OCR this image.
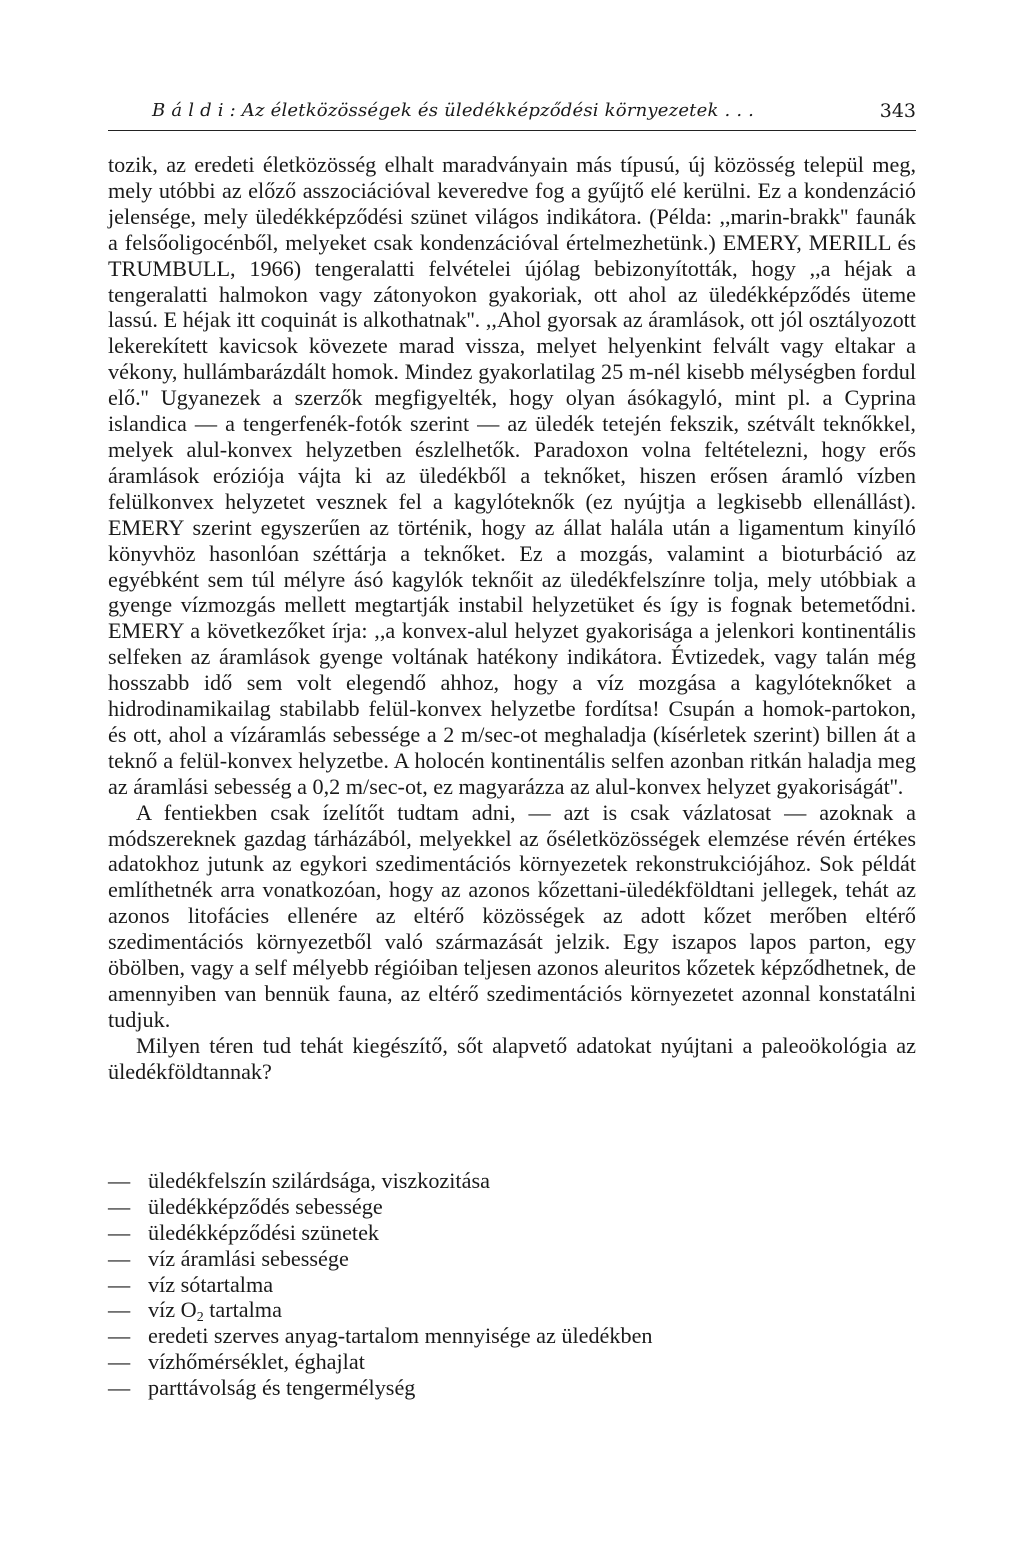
B á l d i : Az életközösségek és üledékképződési környezetek . . .	343

tozik, az eredeti életközösség elhalt maradványain más típusú, új közösség települ meg, mely utóbbi az előző asszociációval keveredve fog a gyűjtő elé kerülni. Ez a kondenzáció jelensége, mely üledékképződési szünet világos indikátora. (Példa: ,,marin-brakk'' faunák a felsőoligocénből, melyeket csak kondenzációval értelmezhetünk.) EMERY, MERILL és TRUMBULL, 1966) tengeralatti felvételei újólag bebizonyították, hogy ,,a héjak a tengeralatti halmokon vagy zátonyokon gyakoriak, ott ahol az üledékképződés üteme lassú. E héjak itt coquinát is alkothatnak''. ,,Ahol gyorsak az áramlások, ott jól osztályozott lekerekített kavicsok kövezete marad vissza, melyet helyenkint felvált vagy eltakar a vékony, hullámbarázdált homok. Mindez gyakorlatilag 25 m-nél kisebb mélységben fordul elő.'' Ugyanezek a szerzők megfigyelték, hogy olyan ásókagyló, mint pl. a Cyprina islandica — a tengerfenék-fotók szerint — az üledék tetején fekszik, szétvált teknőkkel, melyek alul-konvex helyzetben észlelhetők. Paradoxon volna feltételezni, hogy erős áramlások eróziója vájta ki az üledékből a teknőket, hiszen erősen áramló vízben felülkonvex helyzetet vesznek fel a kagylóteknők (ez nyújtja a legkisebb ellenállást). EMERY szerint egyszerűen az történik, hogy az állat halála után a ligamentum kinyíló könyvhöz hasonlóan széttárja a teknőket. Ez a mozgás, valamint a bioturbáció az egyébként sem túl mélyre ásó kagylók teknőit az üledékfelszínre tolja, mely utóbbiak a gyenge vízmozgás mellett megtartják instabil helyzetüket és így is fognak betemetődni. EMERY a következőket írja: ,,a konvex-alul helyzet gyakorisága a jelenkori kontinentális selfeken az áramlások gyenge voltának hatékony indikátora. Évtizedek, vagy talán még hosszabb idő sem volt elegendő ahhoz, hogy a víz mozgása a kagylóteknőket a hidrodinamikailag stabilabb felül-konvex helyzetbe fordítsa! Csupán a homok-partokon, és ott, ahol a vízáramlás sebessége a 2 m/sec-ot meghaladja (kísérletek szerint) billen át a teknő a felül-konvex helyzetbe. A holocén kontinentális selfen azonban ritkán haladja meg az áramlási sebesség a 0,2 m/sec-ot, ez magyarázza az alul-konvex helyzet gyakoriságát''.

A fentiekben csak ízelítőt tudtam adni, — azt is csak vázlatosat — azoknak a módszereknek gazdag tárházából, melyekkel az őséletközösségek elemzése révén értékes adatokhoz jutunk az egykori szedimentációs környezetek rekonstrukciójához. Sok példát említhetnék arra vonatkozóan, hogy az azonos kőzettani-üledékföldtani jellegek, tehát az azonos litofácies ellenére az eltérő közösségek az adott kőzet merőben eltérő szedimentációs környezetből való származását jelzik. Egy iszapos lapos parton, egy öbölben, vagy a self mélyebb régióiban teljesen azonos aleuritos kőzetek képződhetnek, de amennyiben van bennük fauna, az eltérő szedimentációs környezetet azonnal konstatálni tudjuk.

Milyen téren tud tehát kiegészítő, sőt alapvető adatokat nyújtani a paleoökológia az üledékföldtannak?

— üledékfelszín szilárdsága, viszkozitása
— üledékképződés sebessége
— üledékképződési szünetek
— víz áramlási sebessége
— víz sótartalma
— víz $O_2$ tartalma
— eredeti szerves anyag-tartalom mennyisége az üledékben
— vízhőmérséklet, éghajlat
— parttávolság és tengermélység
